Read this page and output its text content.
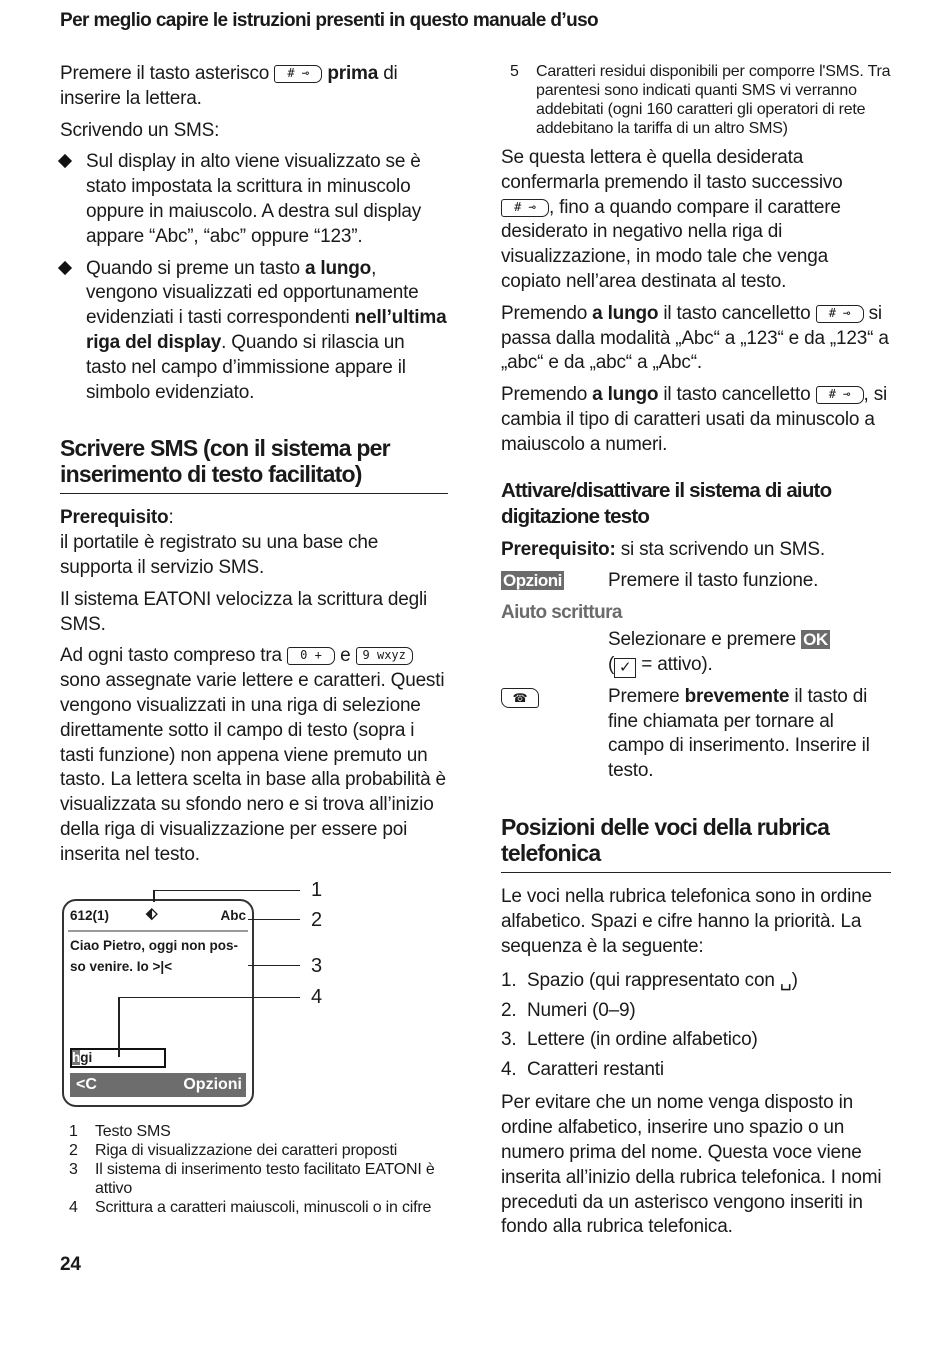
Per meglio capire le istruzioni presenti in questo manuale d’uso

Premere il tasto asterisco # ⊸ prima di inserire la lettera.

Scrivendo un SMS:

Sul display in alto viene visualizzato se è stato impostata la scrittura in minuscolo oppure in maiuscolo. A destra sul display appare “Abc”, “abc” oppure “123”.
Quando si preme un tasto a lungo, vengono visualizzati ed opportunamente evidenziati i tasti correspondenti nell’ultima riga del display. Quando si rilascia un tasto nel campo d’immissione appare il simbolo evidenziato.
Scrivere SMS (con il sistema per inserimento di testo facilitato)

Prerequisito:
il portatile è registrato su una base che supporta il servizio SMS.

Il sistema EATONI velocizza la scrittura degli SMS.

Ad ogni tasto compreso tra 0 + e 9 wxyz sono assegnate varie lettere e caratteri. Questi vengono visualizzati in una riga di selezione direttamente sotto il campo di testo (sopra i tasti funzione) non appena viene premuto un tasto. La lettera scelta in base alla probabilità è visualizzata su sfondo nero e si trova all’inizio della riga di visualizzazione per essere poi inserita nel testo.

612(1) ⬖	Abc
Ciao Pietro, oggi non pos-
so venire. Io >|<
hgi
<C	Opzioni
1
2
3
4
1 Testo SMS
2 Riga di visualizzazione dei caratteri proposti
3 Il sistema di inserimento testo facilitato EATONI è attivo
4 Scrittura a caratteri maiuscoli, minuscoli o in cifre
24
5 Caratteri residui disponibili per comporre l'SMS. Tra parentesi sono indicati quanti SMS vi verranno addebitati (ogni 160 caratteri gli operatori di rete addebitano la tariffa di un altro SMS)

Se questa lettera è quella desiderata confermarla premendo il tasto successivo # ⊸ , fino a quando compare il carattere desiderato in negativo nella riga di visualizzazione, in modo tale che venga copiato nell’area destinata al testo.

Premendo a lungo il tasto cancelletto # ⊸ si passa dalla modalità „Abc“ a „123“ e da „123“ a „abc“ e da „abc“ a „Abc“.

Premendo a lungo il tasto cancelletto # ⊸ , si cambia il tipo di caratteri usati da minuscolo a maiuscolo a numeri.

Attivare/disattivare il sistema di aiuto digitazione testo

Prerequisito: si sta scrivendo un SMS.

Opzioni	Premere il tasto funzione.
Aiuto scrittura
Selezionare e premere OK
( ✓ = attivo).
☎	Premere brevemente il tasto di fine chiamata per tornare al campo di inserimento. Inserire il testo.
Posizioni delle voci della rubrica telefonica

Le voci nella rubrica telefonica sono in ordine alfabetico. Spazi e cifre hanno la priorità. La sequenza è la seguente:

1. Spazio (qui rappresentato con ␣)
2. Numeri (0–9)
3. Lettere (in ordine alfabetico)
4. Caratteri restanti

Per evitare che un nome venga disposto in ordine alfabetico, inserire uno spazio o un numero prima del nome. Questa voce viene inserita all’inizio della rubrica telefonica. I nomi preceduti da un asterisco vengono inseriti in fondo alla rubrica telefonica.
